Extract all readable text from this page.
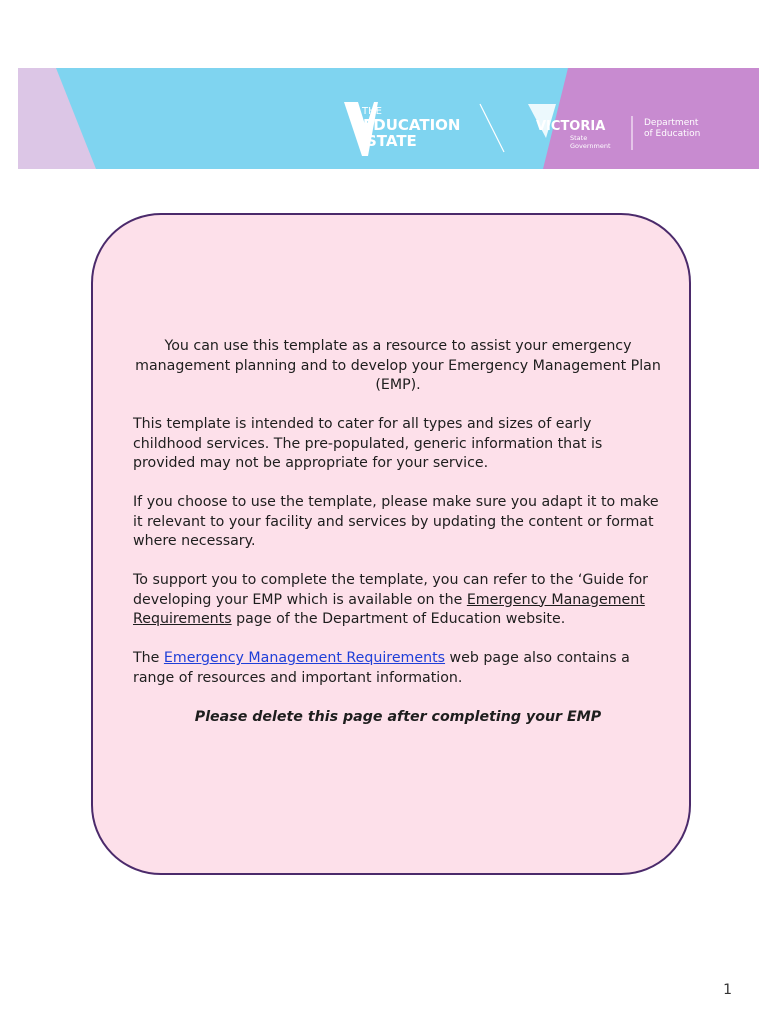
THE
EDUCATION
STATE
VICTORIA
State
Government
Department
of Education

You can use this template as a resource to assist your emergency management planning and to develop your Emergency Management Plan (EMP).

This template is intended to cater for all types and sizes of early childhood services. The pre-populated, generic information that is provided may not be appropriate for your service.

If you choose to use the template, please make sure you adapt it to make it relevant to your facility and services by updating the content or format where necessary.

To support you to complete the template, you can refer to the ‘Guide for developing your EMP which is available on the Emergency Management Requirements page of the Department of Education website.

The Emergency Management Requirements web page also contains a range of resources and important information.

Please delete this page after completing your EMP

1
